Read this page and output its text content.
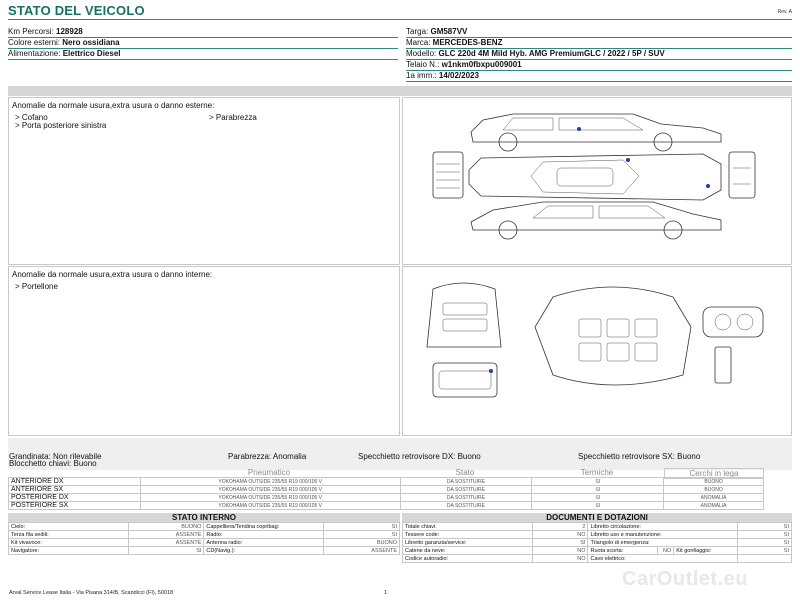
STATO DEL VEICOLO	Rev. A
Km Percorsi: 128928
Colore esterni: Nero ossidiana
Alimentazione: Elettrico Diesel
Targa: GM587VV
Marca: MERCEDES-BENZ
Modello: GLC 220d 4M Mild Hyb. AMG PremiumGLC / 2022 / 5P / SUV
Telaio N.: w1nkm0fbxpu009001
1a imm.: 14/02/2023
Anomalie da normale usura,extra usura o danno esterne:
> Cofano
> Porta posteriore sinistra
> Parabrezza
Anomalie da normale usura,extra usura o danno interne:
> Portellone
Grandinata: Non rilevabile	Parabrezza: Anomalia	Specchietto retrovisore DX: Buono	Specchietto retrovisore SX: Buono
Blocchetto chiavi: Buono
Pneumatico	Stato	Termiche	Cerchi in lega
ANTERIORE DX	YOKOHAMA OUTSIDE 235/55 R19 000/105 V	DA SOSTITUIRE	SI	BUONO
ANTERIORE SX	YOKOHAMA OUTSIDE 235/55 R19 000/105 V	DA SOSTITUIRE	SI	BUONO
POSTERIORE DX	YOKOHAMA OUTSIDE 235/55 R19 000/105 V	DA SOSTITUIRE	SI	ANOMALIA
POSTERIORE SX	YOKOHAMA OUTSIDE 235/55 R19 000/105 V	DA SOSTITUIRE	SI	ANOMALIA
STATO INTERNO
Cielo:	BUONO	Cappelliera/Tendina copribag:	SI
Terza fila sedili:	ASSENTE	Radio:	SI
Kit vivavoce:	ASSENTE	Antenna radio:	BUONO
Navigatore:	SI	CD(Navig.):	ASSENTE
DOCUMENTI E DOTAZIONI
Totale chiavi:	2	Libretto circolazione:			SI
Tessere code:	NO	Libretto uso e manutenzione:			SI
Libretto garanzia/service:	SI	Triangolo di emergenza:			SI
Catene da neve:	NO	Ruota scorta:	NO	Kit gonfiaggio:	SI
Codice autoradio:	NO	Cavo elettrico:			
Arval Service Lease Italia - Via Pisana 314/B, Scandicci (FI), 50018	1
CarOutlet.eu
